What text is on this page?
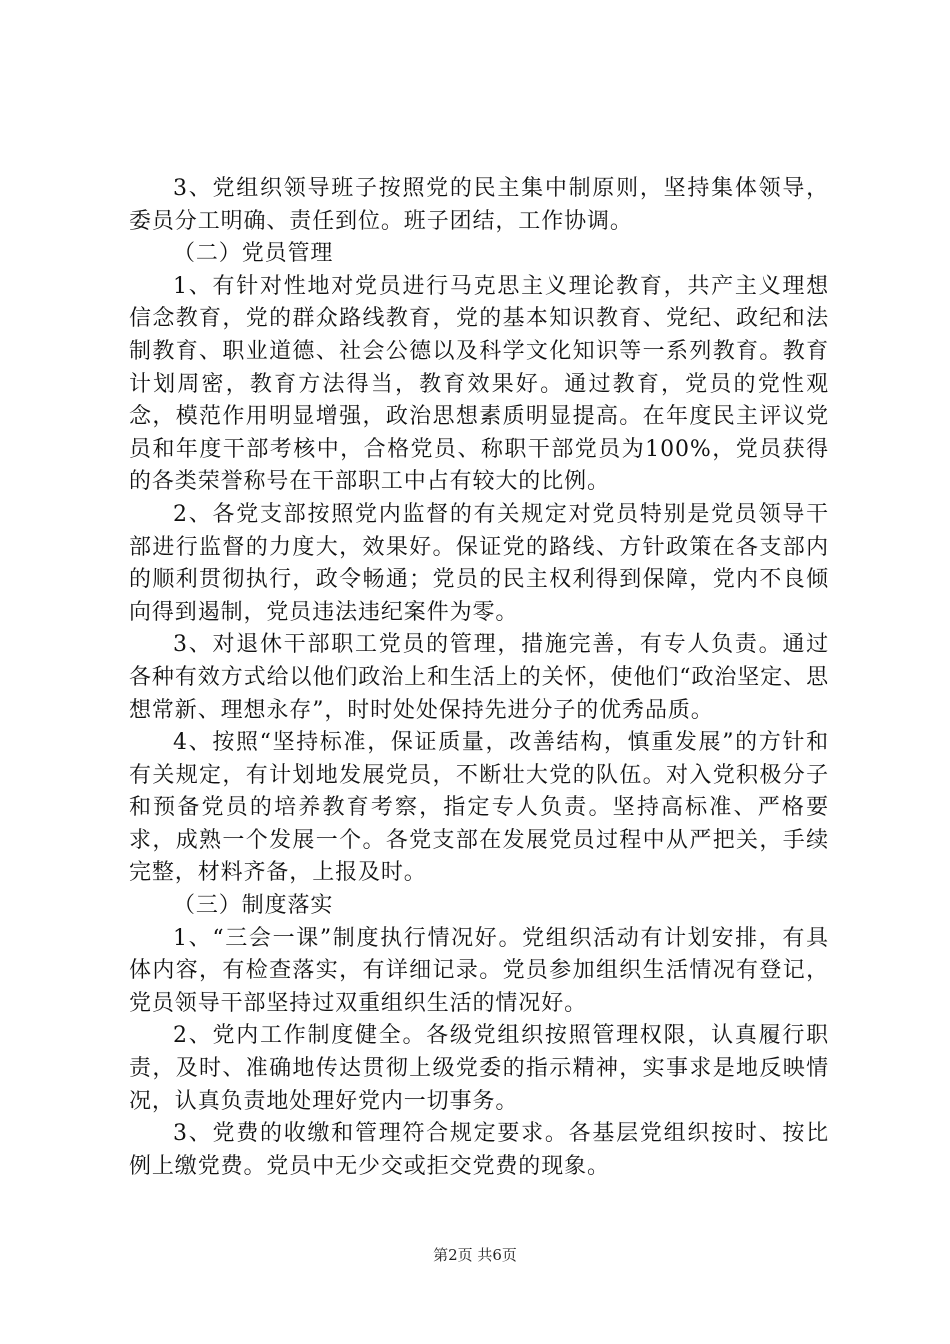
3、党组织领导班子按照党的民主集中制原则，坚持集体领导，委员分工明确、责任到位。班子团结，工作协调。

（二）党员管理

1、有针对性地对党员进行马克思主义理论教育，共产主义理想信念教育，党的群众路线教育，党的基本知识教育、党纪、政纪和法制教育、职业道德、社会公德以及科学文化知识等一系列教育。教育计划周密，教育方法得当，教育效果好。通过教育，党员的党性观念，模范作用明显增强，政治思想素质明显提高。在年度民主评议党员和年度干部考核中，合格党员、称职干部党员为100%，党员获得的各类荣誉称号在干部职工中占有较大的比例。

2、各党支部按照党内监督的有关规定对党员特别是党员领导干部进行监督的力度大，效果好。保证党的路线、方针政策在各支部内的顺利贯彻执行，政令畅通；党员的民主权利得到保障，党内不良倾向得到遏制，党员违法违纪案件为零。

3、对退休干部职工党员的管理，措施完善，有专人负责。通过各种有效方式给以他们政治上和生活上的关怀，使他们“政治坚定、思想常新、理想永存”，时时处处保持先进分子的优秀品质。

4、按照“坚持标准，保证质量，改善结构，慎重发展”的方针和有关规定，有计划地发展党员，不断壮大党的队伍。对入党积极分子和预备党员的培养教育考察，指定专人负责。坚持高标准、严格要求，成熟一个发展一个。各党支部在发展党员过程中从严把关，手续完整，材料齐备，上报及时。

（三）制度落实

1、“三会一课”制度执行情况好。党组织活动有计划安排，有具体内容，有检查落实，有详细记录。党员参加组织生活情况有登记，党员领导干部坚持过双重组织生活的情况好。

2、党内工作制度健全。各级党组织按照管理权限，认真履行职责，及时、准确地传达贯彻上级党委的指示精神，实事求是地反映情况，认真负责地处理好党内一切事务。

3、党费的收缴和管理符合规定要求。各基层党组织按时、按比例上缴党费。党员中无少交或拒交党费的现象。

第2页 共6页
